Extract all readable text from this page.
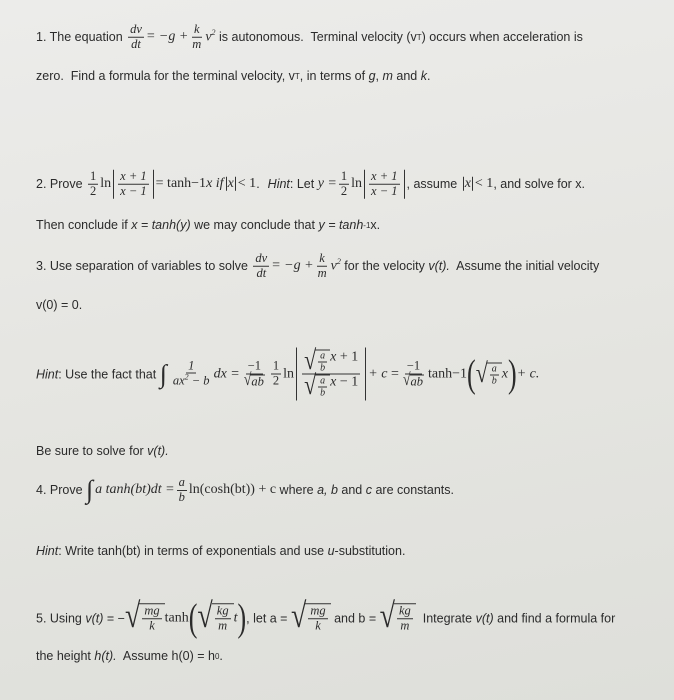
1. The equation $\frac{dv}{dt} = -g + \frac{k}{m} v^2$ is autonomous.  Terminal velocity (v T ) occurs when acceleration is
zero.  Find a formula for the terminal velocity, v T , in terms of g , m and k .
2. Prove $\frac{1}{2}$ $\ln \frac{x + 1}{x - 1} = \tanh -1$ x if x < 1 . Hint : Let $y = \frac{1}{2}$ $\ln \frac{x + 1}{x - 1}$ , assume x < 1 , and solve for x.
Then conclude if x = tanh(y) we may conclude that y = tanh -1 x.
3. Use separation of variables to solve $\frac{dv}{dt} = -g + \frac{k}{m} v^2$ for the velocity v(t). Assume the initial velocity
v(0) = 0.
Hint : Use the fact that ∫ $\frac{1}{ax^2 - b}$ dx = $\frac{-1}{√ ab} \frac{1}{2}$ ln √ $\frac{a}{b}$ x + 1
√ $\frac{a}{b}$ x − 1
+ $c = \frac{-1}{√ ab}$ tanh −1 ( √ $\frac{a}{b}$ x ) + c.
Be sure to solve for v(t).
4. Prove ∫ a $\tanh(bt)dt = \frac{a}{b} \ln(\cosh(bt)) + c$ where a, b and c are constants.
Hint : Write tanh(bt) in terms of exponentials and use u -substitution.
5. Using v(t) = − √ $\frac{mg}{k}$ tanh ( √ $\frac{kg}{m}$ t ) , let a = √ $\frac{mg}{k}$ and b = √ $\frac{kg}{m}$ Integrate v(t) and find a formula for
the height h(t). Assume h(0) = h 0 .
